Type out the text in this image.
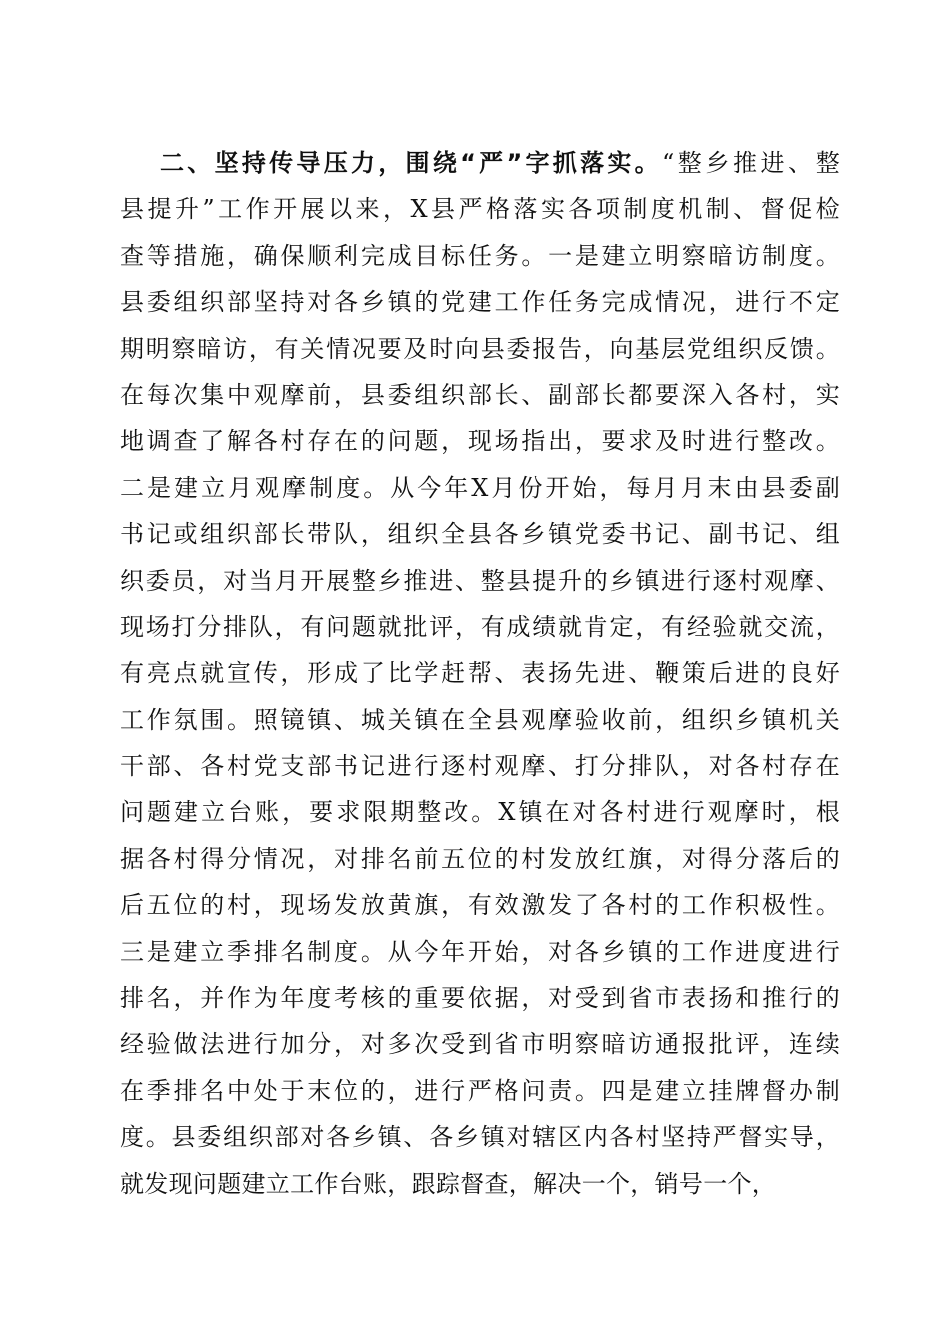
二、坚持传导压力，围绕“严”字抓落实。“整乡推进、整
县提升”工作开展以来，X县严格落实各项制度机制、督促检
查等措施，确保顺利完成目标任务。一是建立明察暗访制度。
县委组织部坚持对各乡镇的党建工作任务完成情况，进行不定
期明察暗访，有关情况要及时向县委报告，向基层党组织反馈。
在每次集中观摩前，县委组织部长、副部长都要深入各村，实
地调查了解各村存在的问题，现场指出，要求及时进行整改。
二是建立月观摩制度。从今年X月份开始，每月月末由县委副
书记或组织部长带队，组织全县各乡镇党委书记、副书记、组
织委员，对当月开展整乡推进、整县提升的乡镇进行逐村观摩、
现场打分排队，有问题就批评，有成绩就肯定，有经验就交流，
有亮点就宣传，形成了比学赶帮、表扬先进、鞭策后进的良好
工作氛围。照镜镇、城关镇在全县观摩验收前，组织乡镇机关
干部、各村党支部书记进行逐村观摩、打分排队，对各村存在
问题建立台账，要求限期整改。X镇在对各村进行观摩时，根
据各村得分情况，对排名前五位的村发放红旗，对得分落后的
后五位的村，现场发放黄旗，有效激发了各村的工作积极性。
三是建立季排名制度。从今年开始，对各乡镇的工作进度进行
排名，并作为年度考核的重要依据，对受到省市表扬和推行的
经验做法进行加分，对多次受到省市明察暗访通报批评，连续
在季排名中处于末位的，进行严格问责。四是建立挂牌督办制
度。县委组织部对各乡镇、各乡镇对辖区内各村坚持严督实导，
就发现问题建立工作台账，跟踪督查，解决一个，销号一个，
